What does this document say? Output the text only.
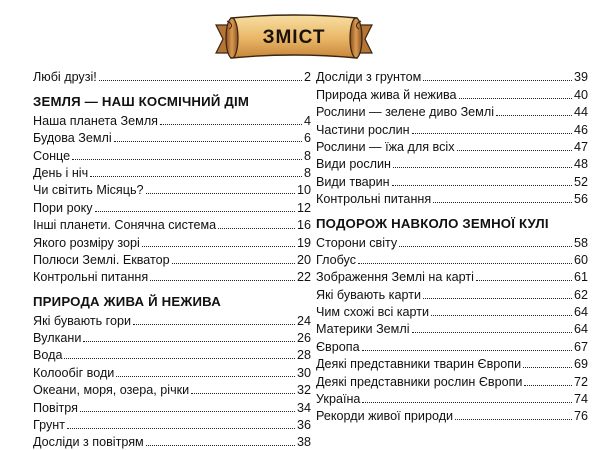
ЗМІСТ
Любі друзі!	2
ЗЕМЛЯ — НАШ КОСМІЧНИЙ ДІМ
Наша планета Земля	4
Будова Землі	6
Сонце	8
День і ніч	8
Чи світить Місяць?	10
Пори року	12
Інші планети. Сонячна система	16
Якого розміру зорі	19
Полюси Землі. Екватор	20
Контрольні питання	22
ПРИРОДА ЖИВА Й НЕЖИВА
Які бувають гори	24
Вулкани	26
Вода	28
Колообіг води	30
Океани, моря, озера, річки	32
Повітря	34
Грунт	36
Досліди з повітрям	38
Досліди з грунтом	39
Природа жива й нежива	40
Рослини — зелене диво Землі	44
Частини рослин	46
Рослини — їжа для всіх	47
Види рослин	48
Види тварин	52
Контрольні питання	56
ПОДОРОЖ НАВКОЛО ЗЕМНОЇ КУЛІ
Сторони світу	58
Глобус	60
Зображення Землі на карті	61
Які бувають карти	62
Чим схожі всі карти	64
Материки Землі	64
Європа	67
Деякі представники тварин Європи	69
Деякі представники рослин Європи	72
Україна	74
Рекорди живої природи	76
